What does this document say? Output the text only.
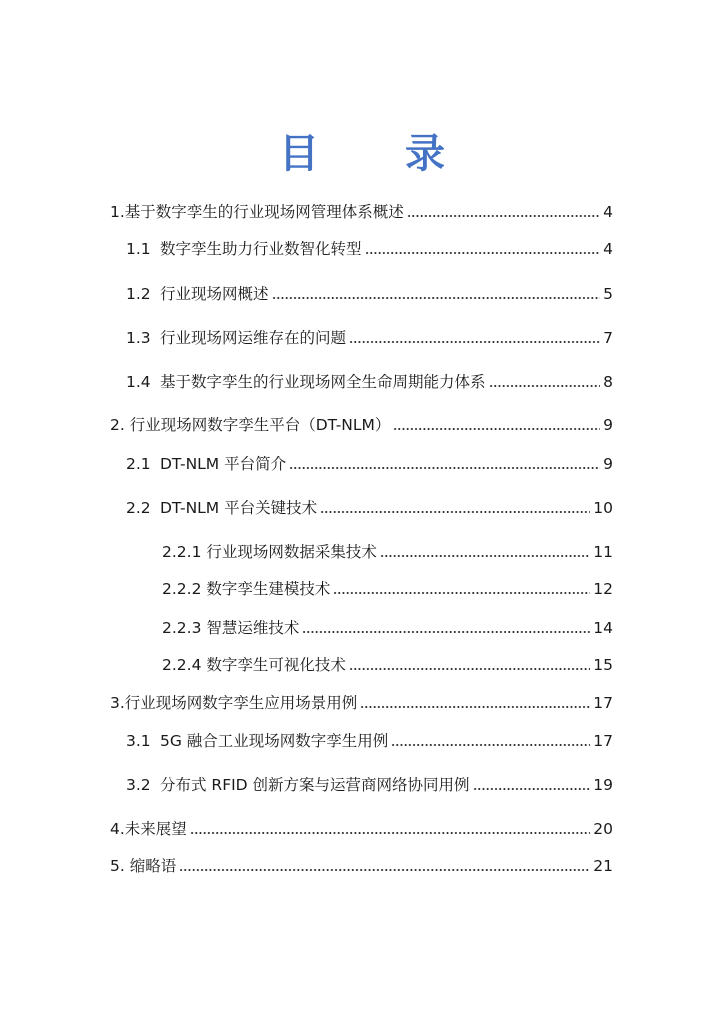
目 录
1.基于数字孪生的行业现场网管理体系概述	4
1.1 数字孪生助力行业数智化转型	4
1.2 行业现场网概述	5
1.3 行业现场网运维存在的问题	7
1.4 基于数字孪生的行业现场网全生命周期能力体系	8
2. 行业现场网数字孪生平台（DT-NLM）	9
2.1 DT-NLM 平台简介	9
2.2 DT-NLM 平台关键技术	10
2.2.1 行业现场网数据采集技术	11
2.2.2 数字孪生建模技术	12
2.2.3 智慧运维技术	14
2.2.4 数字孪生可视化技术	15
3.行业现场网数字孪生应用场景用例	17
3.1 5G 融合工业现场网数字孪生用例	17
3.2 分布式 RFID 创新方案与运营商网络协同用例	19
4.未来展望	20
5. 缩略语	21
